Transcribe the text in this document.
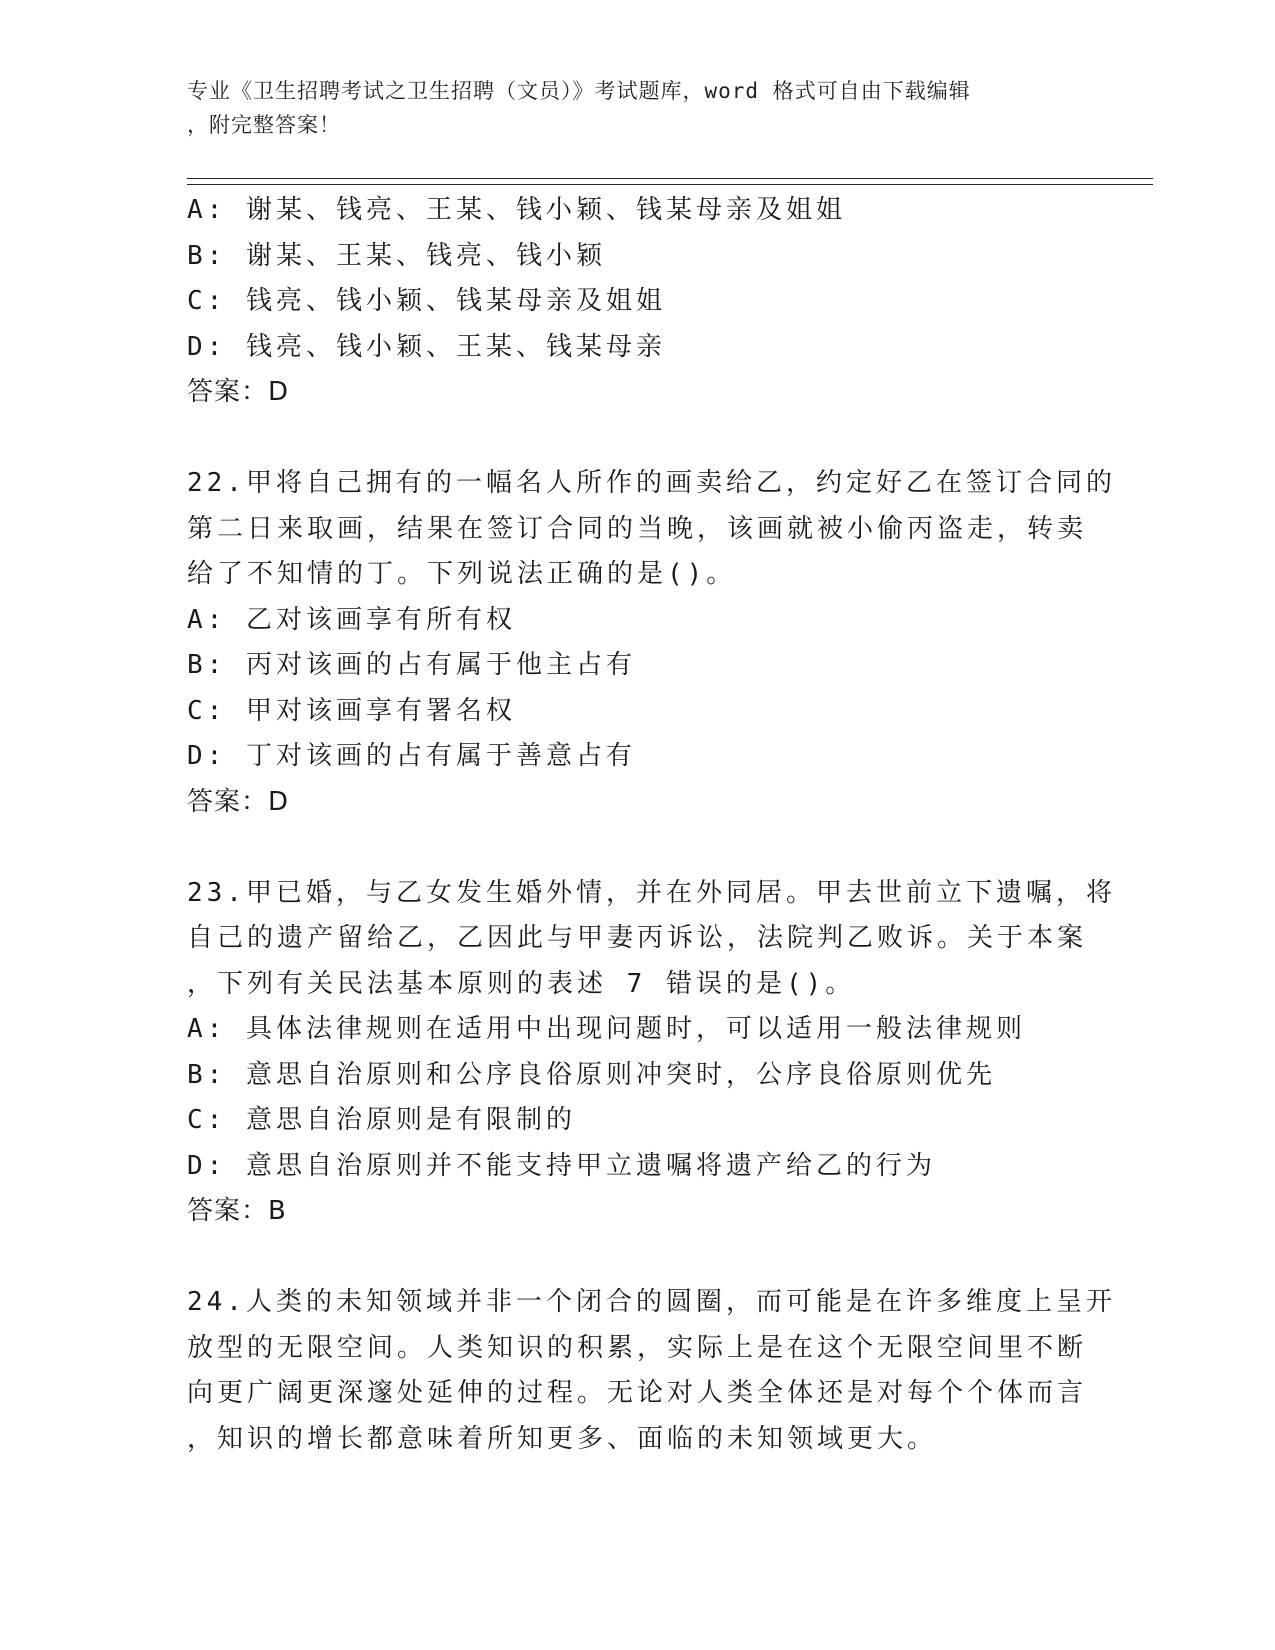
专业《卫生招聘考试之卫生招聘（文员）》考试题库，word 格式可自由下载编辑
，附完整答案！
A: 谢某、钱亮、王某、钱小颖、钱某母亲及姐姐
B: 谢某、王某、钱亮、钱小颖
C: 钱亮、钱小颖、钱某母亲及姐姐
D: 钱亮、钱小颖、王某、钱某母亲
答案：D
22.甲将自己拥有的一幅名人所作的画卖给乙，约定好乙在签订合同的
第二日来取画，结果在签订合同的当晚，该画就被小偷丙盗走，转卖
给了不知情的丁。下列说法正确的是()。
A: 乙对该画享有所有权
B: 丙对该画的占有属于他主占有
C: 甲对该画享有署名权
D: 丁对该画的占有属于善意占有
答案：D
23.甲已婚，与乙女发生婚外情，并在外同居。甲去世前立下遗嘱，将
自己的遗产留给乙，乙因此与甲妻丙诉讼，法院判乙败诉。关于本案
，下列有关民法基本原则的表述 7 错误的是()。
A: 具体法律规则在适用中出现问题时，可以适用一般法律规则
B: 意思自治原则和公序良俗原则冲突时，公序良俗原则优先
C: 意思自治原则是有限制的
D: 意思自治原则并不能支持甲立遗嘱将遗产给乙的行为
答案：B
24.人类的未知领域并非一个闭合的圆圈，而可能是在许多维度上呈开
放型的无限空间。人类知识的积累，实际上是在这个无限空间里不断
向更广阔更深邃处延伸的过程。无论对人类全体还是对每个个体而言
，知识的增长都意味着所知更多、面临的未知领域更大。
